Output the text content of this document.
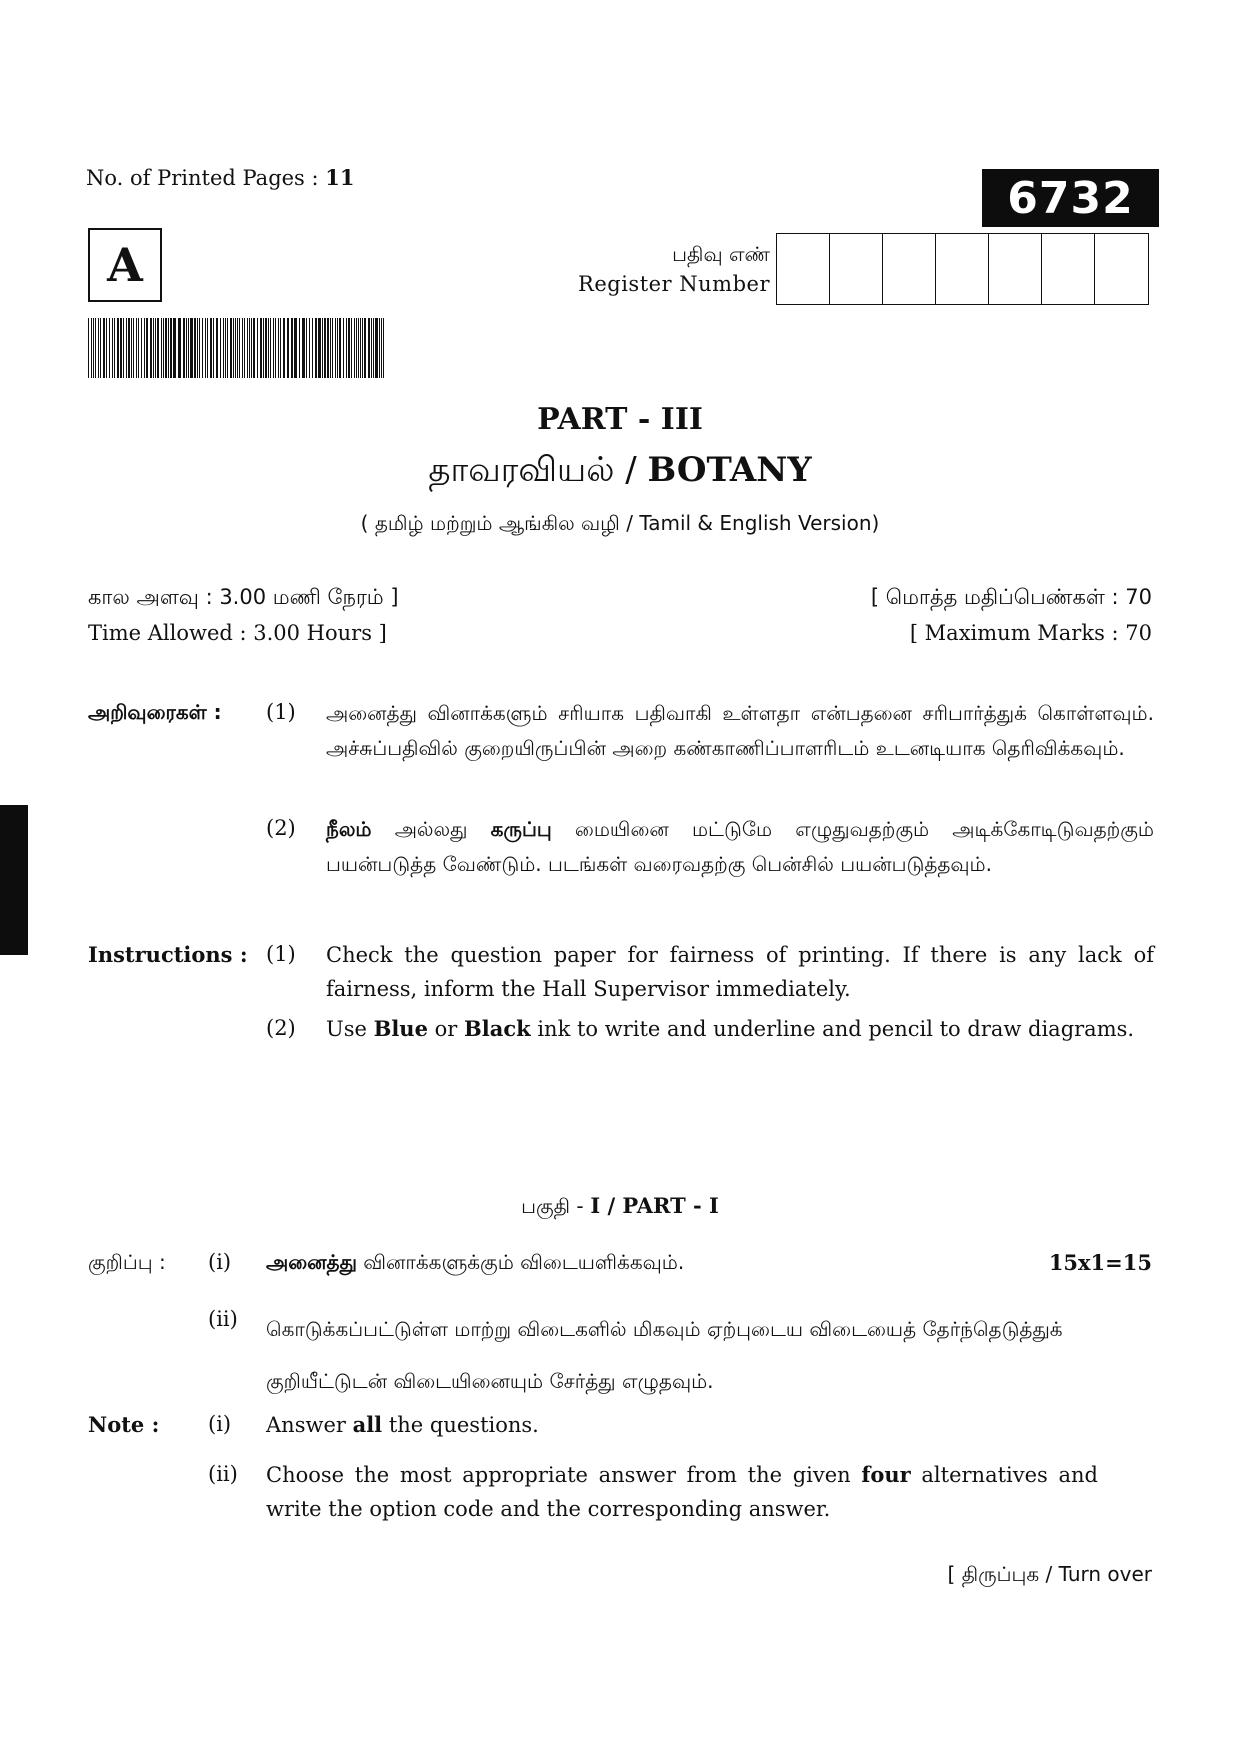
No. of Printed Pages : 11	6732
A	பதிவு எண்
Register Number
PART - III
தாவரவியல் / BOTANY
( தமிழ் மற்றும் ஆங்கில வழி / Tamil & English Version)
கால அளவு : 3.00 மணி நேரம் ]
Time Allowed : 3.00 Hours ]
[ மொத்த மதிப்பெண்கள் : 70
[ Maximum Marks : 70
அறிவுரைகள் : (1) அனைத்து வினாக்களும் சரியாக பதிவாகி உள்ளதா என்பதனை சரிபார்த்துக் கொள்ளவும். அச்சுப்பதிவில் குறையிருப்பின் அறை கண்காணிப்பாளரிடம் உடனடியாக தெரிவிக்கவும்.
(2) நீலம் அல்லது கருப்பு மையினை மட்டுமே எழுதுவதற்கும் அடிக்கோடிடுவதற்கும் பயன்படுத்த வேண்டும். படங்கள் வரைவதற்கு பென்சில் பயன்படுத்தவும்.
Instructions : (1) Check the question paper for fairness of printing. If there is any lack of fairness, inform the Hall Supervisor immediately.
(2) Use Blue or Black ink to write and underline and pencil to draw diagrams.
பகுதி - I / PART - I
குறிப்பு : (i) அனைத்து வினாக்களுக்கும் விடையளிக்கவும்.	15x1=15
(ii) கொடுக்கப்பட்டுள்ள மாற்று விடைகளில் மிகவும் ஏற்புடைய விடையைத் தேர்ந்தெடுத்துக் குறியீட்டுடன் விடையினையும் சேர்த்து எழுதவும்.
Note : (i) Answer all the questions.
(ii) Choose the most appropriate answer from the given four alternatives and write the option code and the corresponding answer.
[ திருப்புக / Turn over
